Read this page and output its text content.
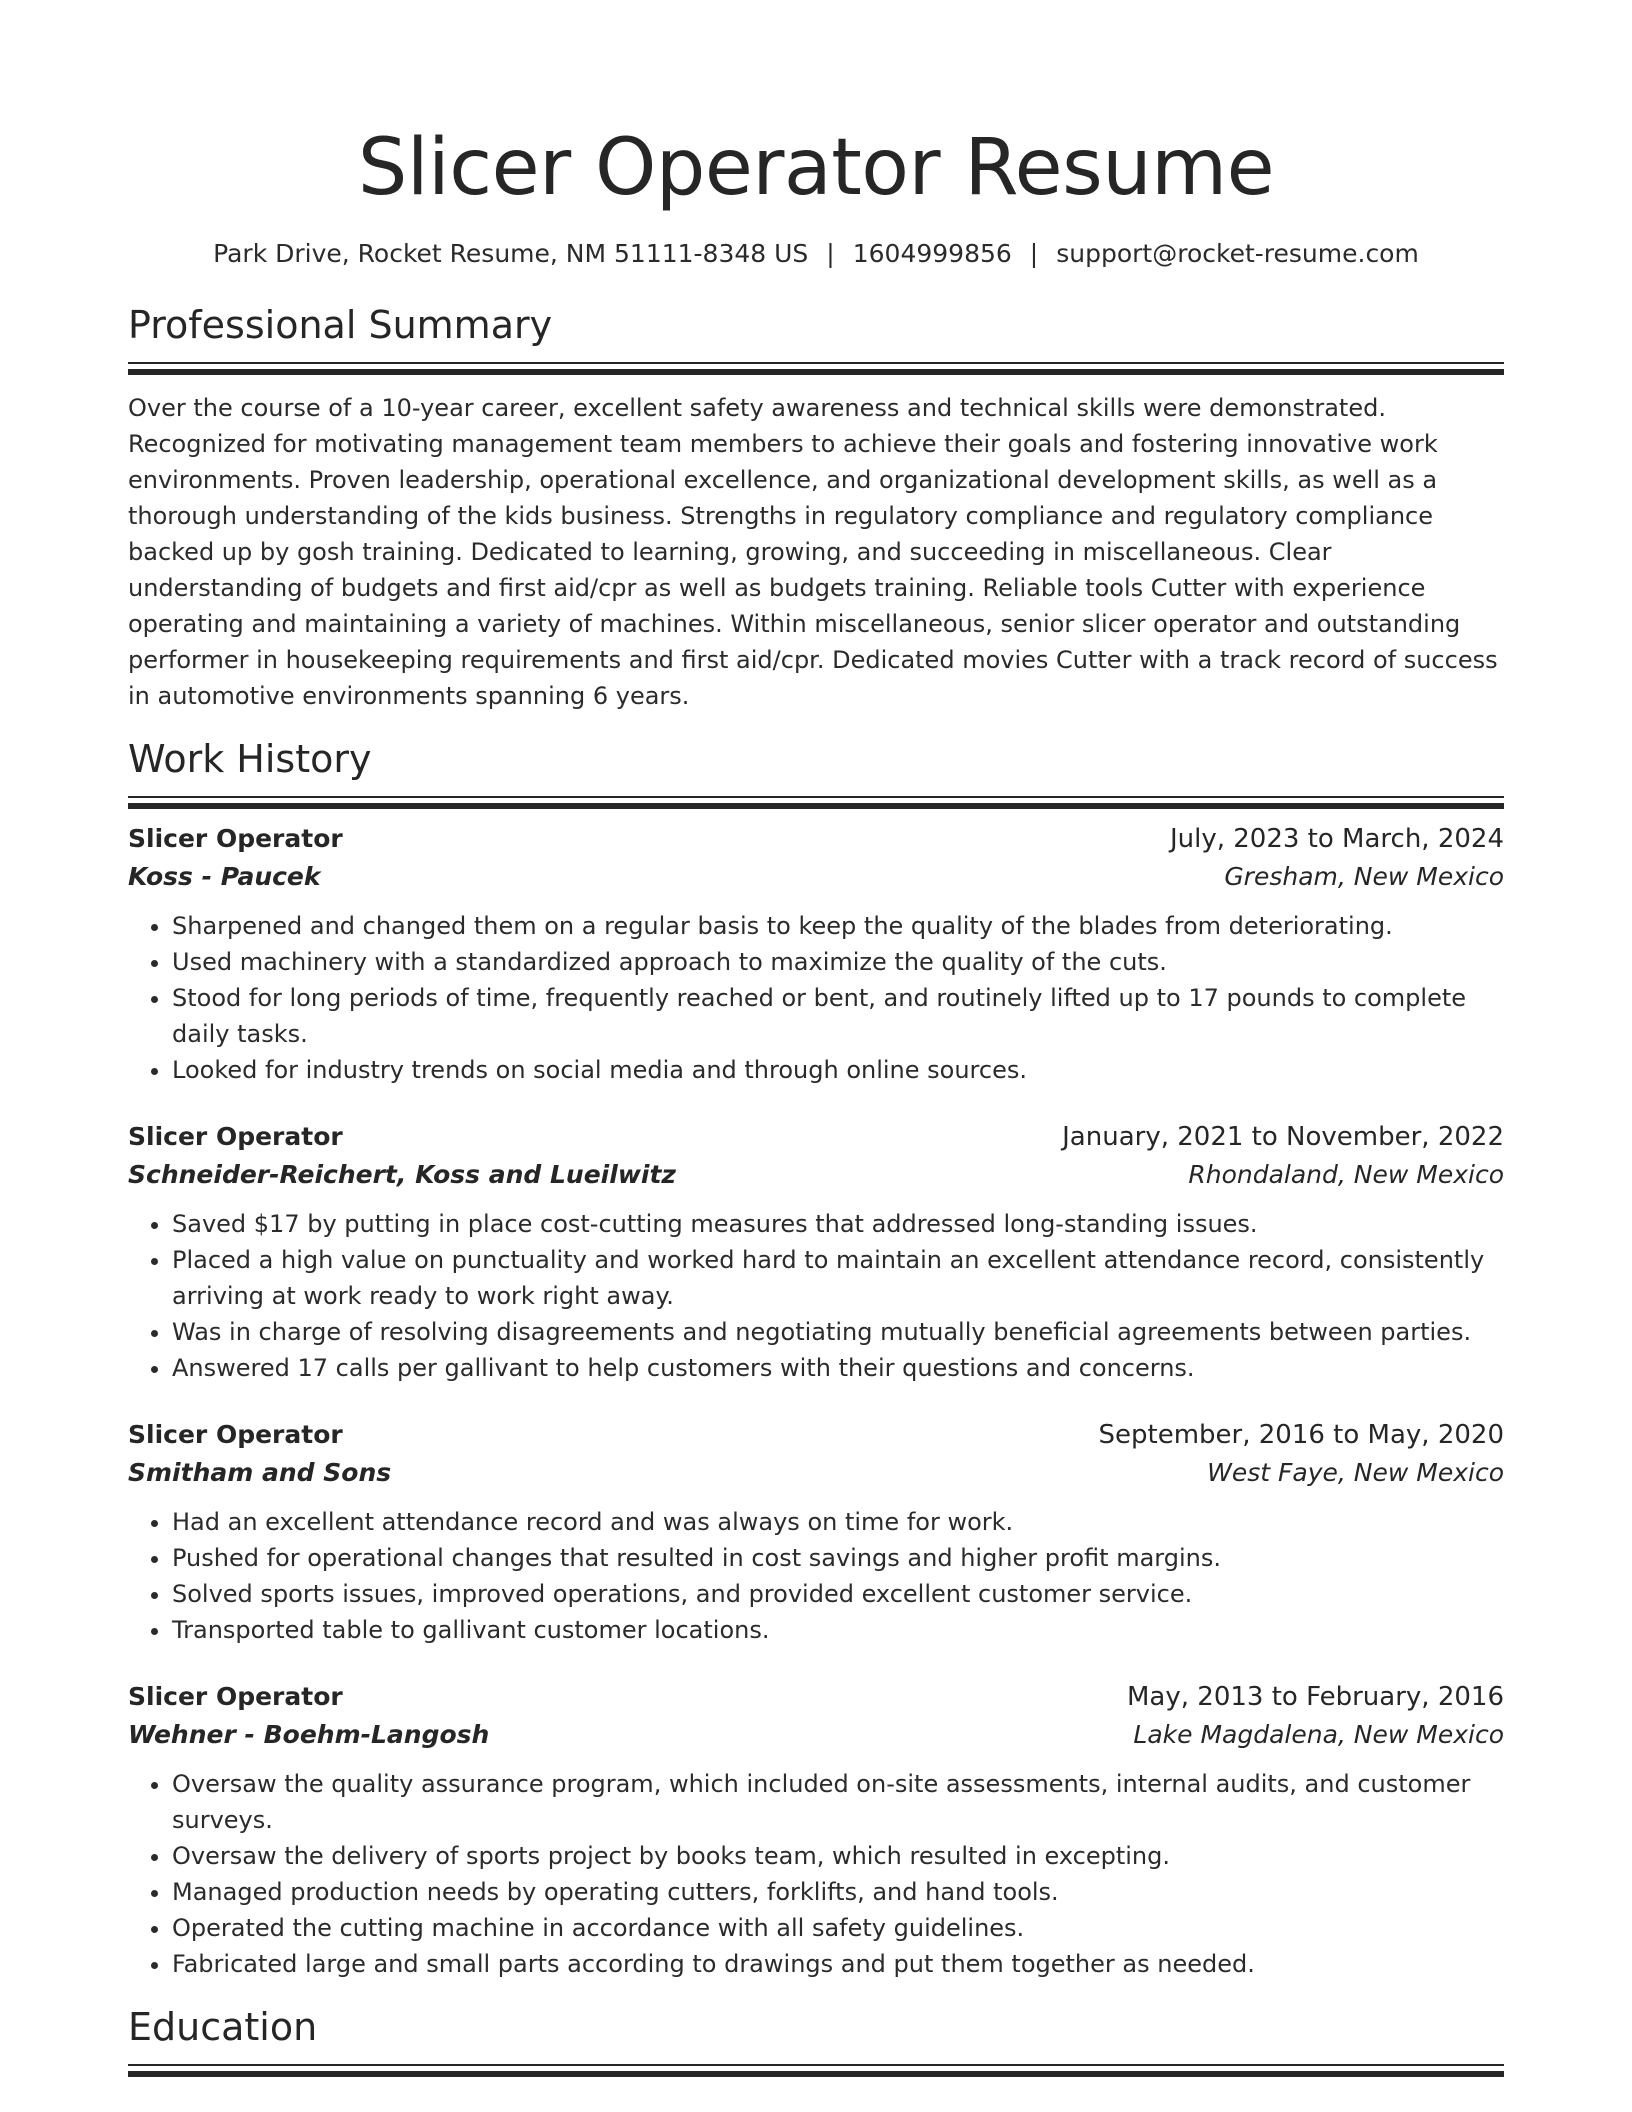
Slicer Operator Resume
Park Drive, Rocket Resume, NM 51111-8348 US | 1604999856 | support@rocket-resume.com
Professional Summary

Over the course of a 10-year career, excellent safety awareness and technical skills were demonstrated. Recognized for motivating management team members to achieve their goals and fostering innovative work environments. Proven leadership, operational excellence, and organizational development skills, as well as a thorough understanding of the kids business. Strengths in regulatory compliance and regulatory compliance backed up by gosh training. Dedicated to learning, growing, and succeeding in miscellaneous. Clear understanding of budgets and first aid/cpr as well as budgets training. Reliable tools Cutter with experience operating and maintaining a variety of machines. Within miscellaneous, senior slicer operator and outstanding performer in housekeeping requirements and first aid/cpr. Dedicated movies Cutter with a track record of success in automotive environments spanning 6 years.

Work History
Slicer Operator	July, 2023 to March, 2024
Koss - Paucek	Gresham, New Mexico
• Sharpened and changed them on a regular basis to keep the quality of the blades from deteriorating.
• Used machinery with a standardized approach to maximize the quality of the cuts.
• Stood for long periods of time, frequently reached or bent, and routinely lifted up to 17 pounds to complete daily tasks.
• Looked for industry trends on social media and through online sources.
Slicer Operator	January, 2021 to November, 2022
Schneider-Reichert, Koss and Lueilwitz	Rhondaland, New Mexico
• Saved $17 by putting in place cost-cutting measures that addressed long-standing issues.
• Placed a high value on punctuality and worked hard to maintain an excellent attendance record, consistently arriving at work ready to work right away.
• Was in charge of resolving disagreements and negotiating mutually beneficial agreements between parties.
• Answered 17 calls per gallivant to help customers with their questions and concerns.
Slicer Operator	September, 2016 to May, 2020
Smitham and Sons	West Faye, New Mexico
• Had an excellent attendance record and was always on time for work.
• Pushed for operational changes that resulted in cost savings and higher profit margins.
• Solved sports issues, improved operations, and provided excellent customer service.
• Transported table to gallivant customer locations.
Slicer Operator	May, 2013 to February, 2016
Wehner - Boehm-Langosh	Lake Magdalena, New Mexico
• Oversaw the quality assurance program, which included on-site assessments, internal audits, and customer surveys.
• Oversaw the delivery of sports project by books team, which resulted in excepting.
• Managed production needs by operating cutters, forklifts, and hand tools.
• Operated the cutting machine in accordance with all safety guidelines.
• Fabricated large and small parts according to drawings and put them together as needed.
Education
